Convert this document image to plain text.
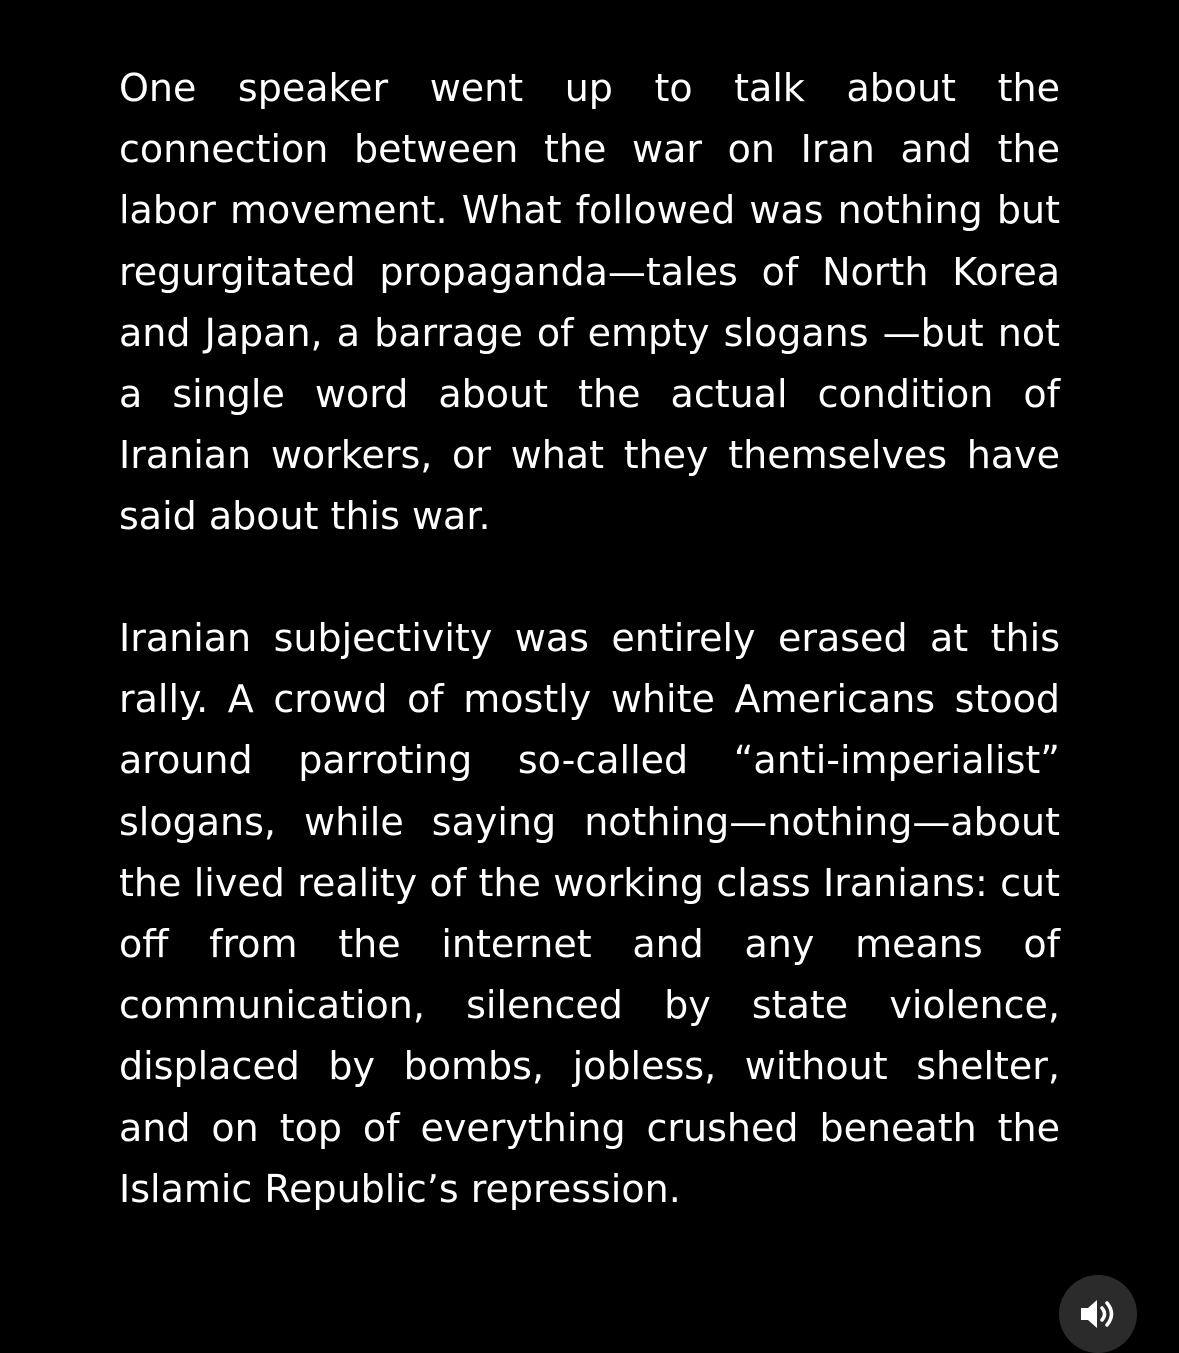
One speaker went up to talk about the connection between the war on Iran and the labor movement. What followed was nothing but regurgitated propaganda—tales of North Korea and Japan, a barrage of empty slogans —but not a single word about the actual condition of Iranian workers, or what they themselves have said about this war.

Iranian subjectivity was entirely erased at this rally. A crowd of mostly white Americans stood around parroting so-called “anti-imperialist” slogans, while saying nothing—nothing—about the lived reality of the working class Iranians: cut off from the internet and any means of communication, silenced by state violence, displaced by bombs, jobless, without shelter, and on top of everything crushed beneath the Islamic Republic’s repression.
